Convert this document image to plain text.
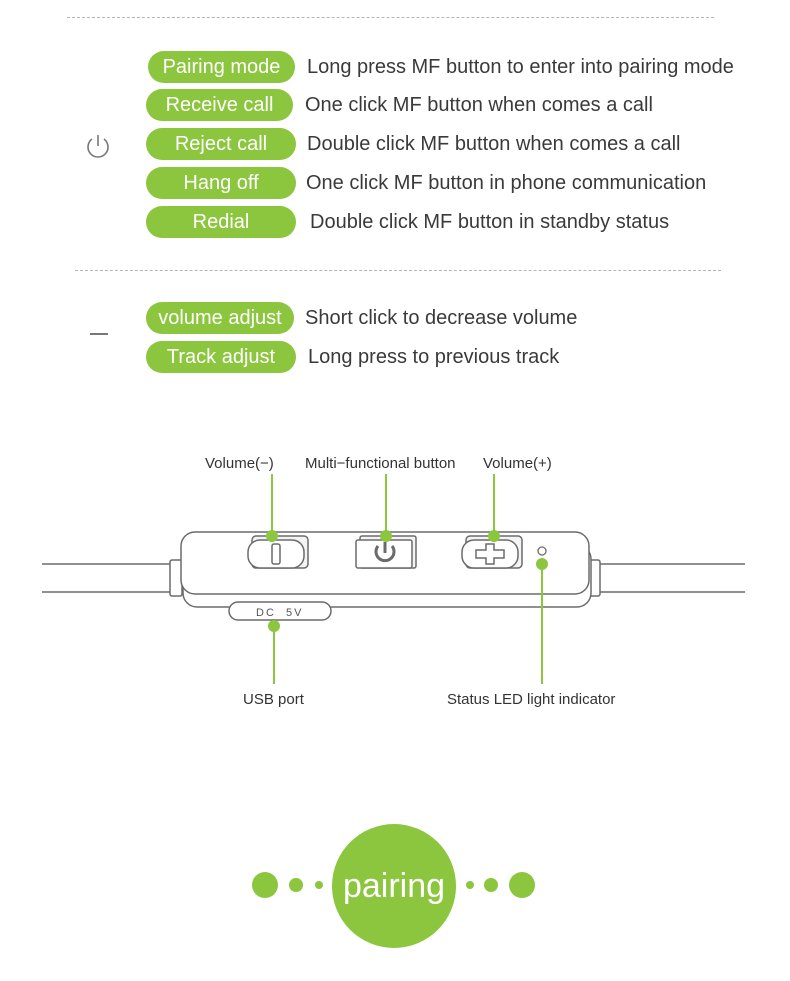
Pairing mode	Long press MF button to enter into pairing mode
Receive call	One click MF button when comes a call
Reject call	Double click MF button when comes a call
Hang off	One click MF button in phone communication
Redial	Double click MF button in standby status
volume adjust	Short click to decrease volume
Track adjust	Long press to previous track
DC  5V
Volume(−) Multi−functional button Volume(+)
USB port	Status LED light indicator
pairing
